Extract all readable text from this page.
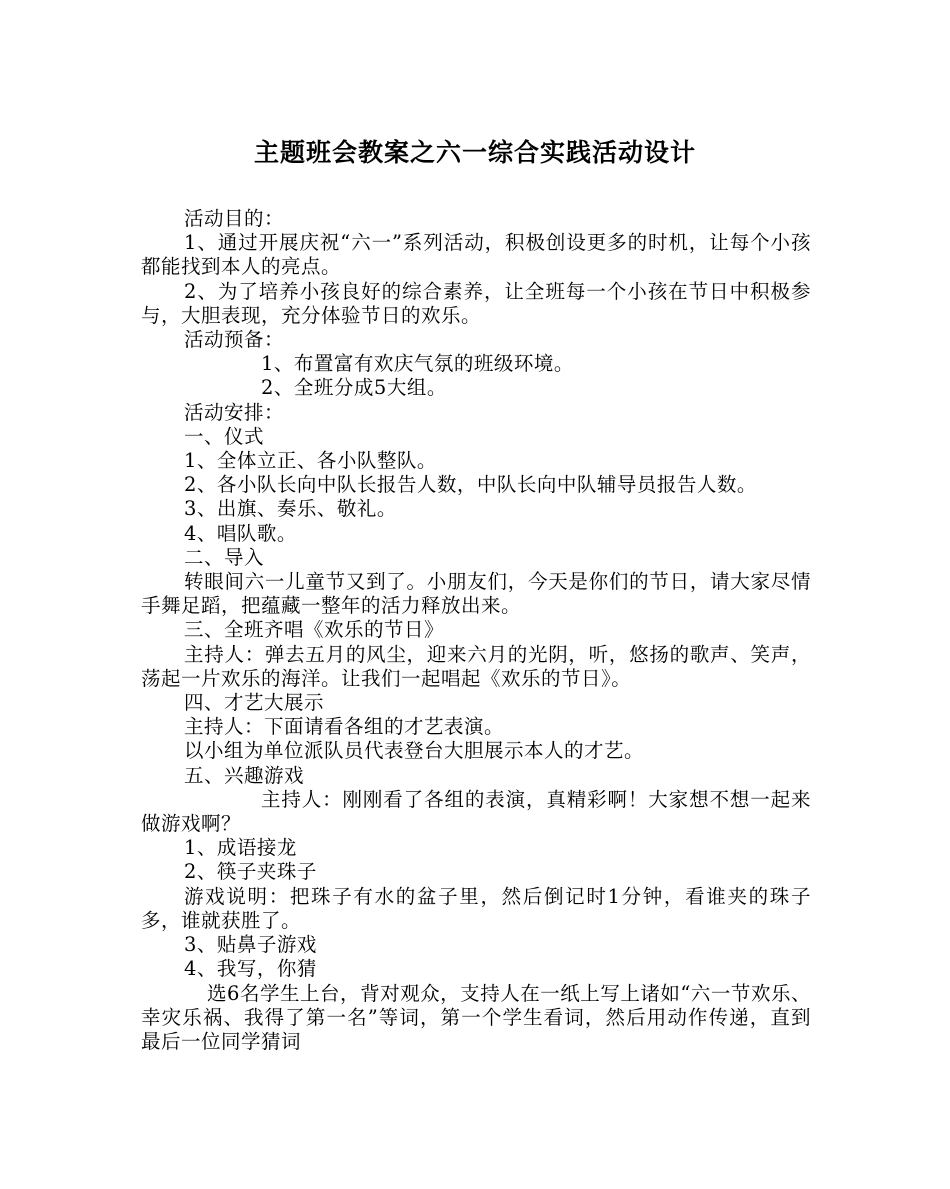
主题班会教案之六一综合实践活动设计

活动目的：

1、通过开展庆祝“六一”系列活动，积极创设更多的时机，让每个小孩都能找到本人的亮点。

2、为了培养小孩良好的综合素养，让全班每一个小孩在节日中积极参与，大胆表现，充分体验节日的欢乐。

活动预备：

1、布置富有欢庆气氛的班级环境。

2、全班分成5大组。

活动安排：

一、仪式

1、全体立正、各小队整队。

2、各小队长向中队长报告人数，中队长向中队辅导员报告人数。

3、出旗、奏乐、敬礼。

4、唱队歌。

二、导入

转眼间六一儿童节又到了。小朋友们，今天是你们的节日，请大家尽情手舞足蹈，把蕴藏一整年的活力释放出来。

三、全班齐唱《欢乐的节日》

主持人：弹去五月的风尘，迎来六月的光阴，听，悠扬的歌声、笑声，荡起一片欢乐的海洋。让我们一起唱起《欢乐的节日》。

四、才艺大展示

主持人：下面请看各组的才艺表演。

以小组为单位派队员代表登台大胆展示本人的才艺。

五、兴趣游戏

主持人：刚刚看了各组的表演，真精彩啊！大家想不想一起来做游戏啊？

1、成语接龙

2、筷子夹珠子

游戏说明：把珠子有水的盆子里，然后倒记时1分钟，看谁夹的珠子多，谁就获胜了。

3、贴鼻子游戏

4、我写，你猜

选6名学生上台，背对观众，支持人在一纸上写上诸如“六一节欢乐、幸灾乐祸、我得了第一名”等词，第一个学生看词，然后用动作传递，直到最后一位同学猜词
